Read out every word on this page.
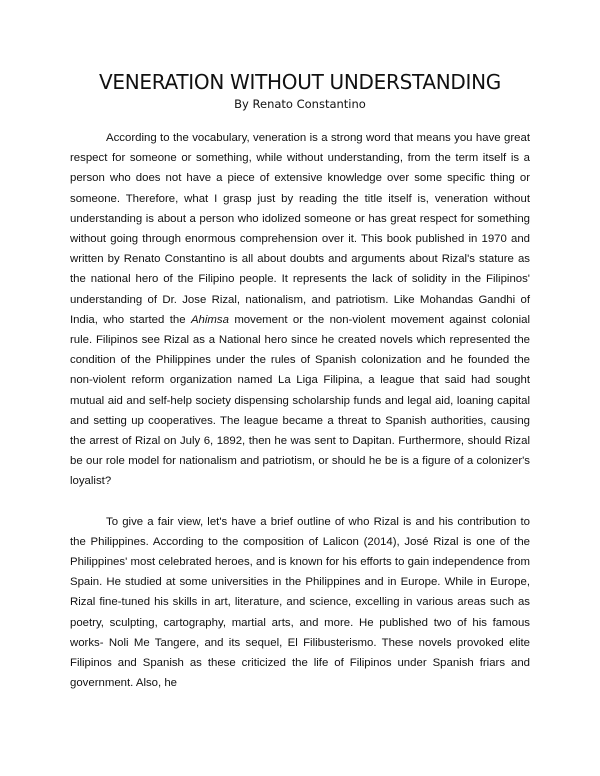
VENERATION WITHOUT UNDERSTANDING
By Renato Constantino

According to the vocabulary, veneration is a strong word that means you have great respect for someone or something, while without understanding, from the term itself is a person who does not have a piece of extensive knowledge over some specific thing or someone. Therefore, what I grasp just by reading the title itself is, veneration without understanding is about a person who idolized someone or has great respect for something without going through enormous comprehension over it. This book published in 1970 and written by Renato Constantino is all about doubts and arguments about Rizal's stature as the national hero of the Filipino people. It represents the lack of solidity in the Filipinos' understanding of Dr. Jose Rizal, nationalism, and patriotism. Like Mohandas Gandhi of India, who started the Ahimsa movement or the non-violent movement against colonial rule. Filipinos see Rizal as a National hero since he created novels which represented the condition of the Philippines under the rules of Spanish colonization and he founded the non-violent reform organization named La Liga Filipina, a league that said had sought mutual aid and self-help society dispensing scholarship funds and legal aid, loaning capital and setting up cooperatives. The league became a threat to Spanish authorities, causing the arrest of Rizal on July 6, 1892, then he was sent to Dapitan. Furthermore, should Rizal be our role model for nationalism and patriotism, or should he be is a figure of a colonizer's loyalist?

To give a fair view, let's have a brief outline of who Rizal is and his contribution to the Philippines. According to the composition of Lalicon (2014), José Rizal is one of the Philippines' most celebrated heroes, and is known for his efforts to gain independence from Spain. He studied at some universities in the Philippines and in Europe. While in Europe, Rizal fine-tuned his skills in art, literature, and science, excelling in various areas such as poetry, sculpting, cartography, martial arts, and more. He published two of his famous works- Noli Me Tangere, and its sequel, El Filibusterismo. These novels provoked elite Filipinos and Spanish as these criticized the life of Filipinos under Spanish friars and government. Also, he
